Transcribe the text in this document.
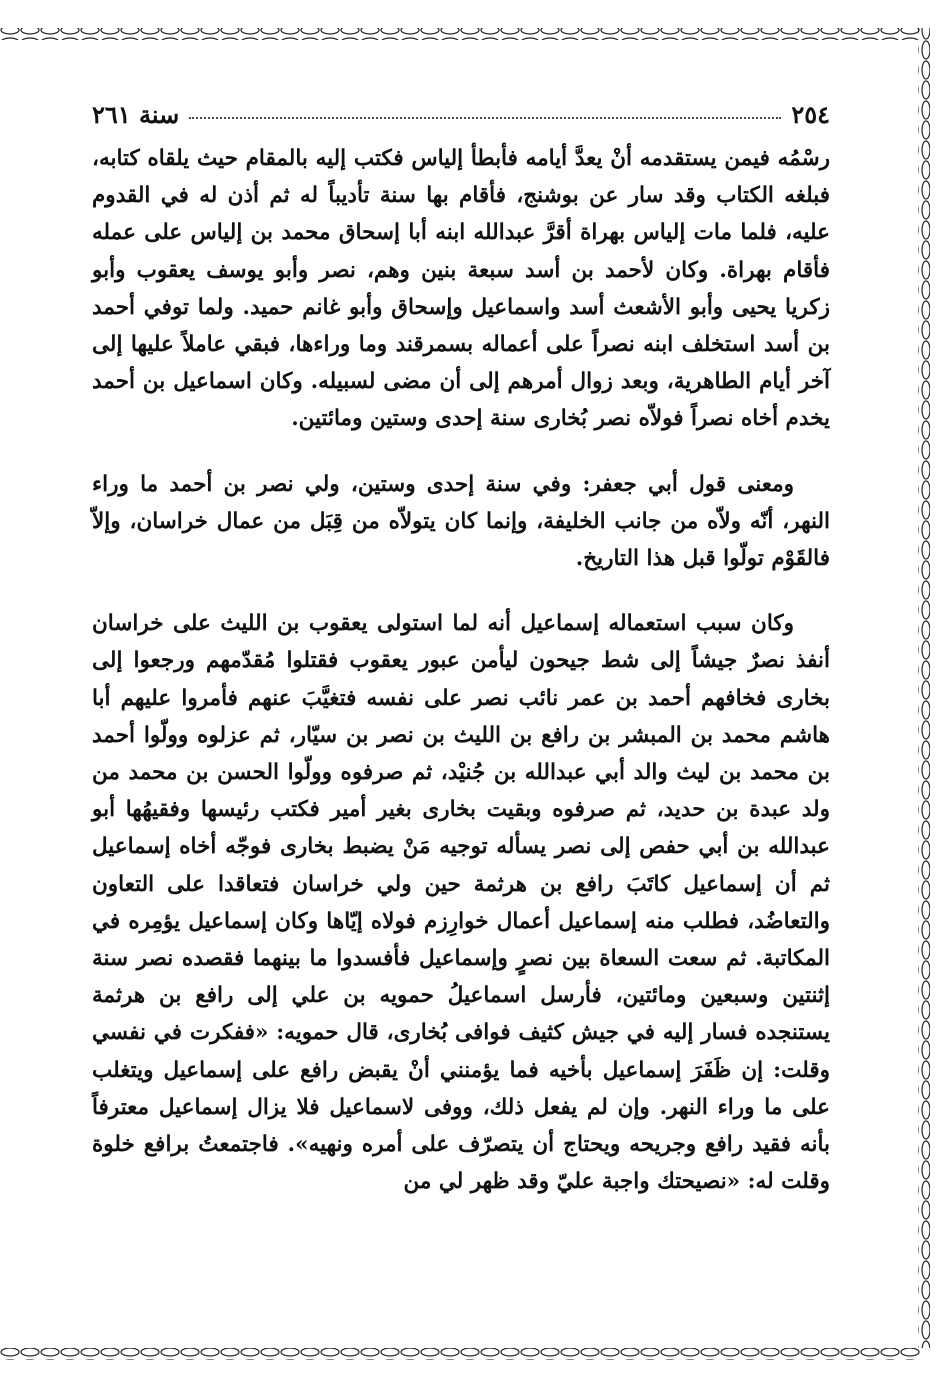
٢٥٤
سنة ٢٦١

رسْمُه فيمن يستقدمه أنْ يعدَّ أيامه فأبطأ إلياس فكتب إليه بالمقام حيث يلقاه كتابه، فبلغه الكتاب وقد سار عن بوشنج، فأقام بها سنة تأديباً له ثم أذن له في القدوم عليه، فلما مات إلياس بهراة أقرَّ عبدالله ابنه أبا إسحاق محمد بن إلياس على عمله فأقام بهراة. وكان لأحمد بن أسد سبعة بنين وهم، نصر وأبو يوسف يعقوب وأبو زكريا يحيى وأبو الأشعث أسد واسماعيل وإسحاق وأبو غانم حميد. ولما توفي أحمد بن أسد استخلف ابنه نصراً على أعماله بسمرقند وما وراءها، فبقي عاملاً عليها إلى آخر أيام الطاهرية، وبعد زوال أمرهم إلى أن مضى لسبيله. وكان اسماعيل بن أحمد يخدم أخاه نصراً فولاّه نصر بُخارى سنة إحدى وستين ومائتين.

ومعنى قول أبي جعفر: وفي سنة إحدى وستين، ولي نصر بن أحمد ما وراء النهر، أنّه ولاّه من جانب الخليفة، وإنما كان يتولاّه من قِبَل من عمال خراسان، وإلاّ فالقَوْم تولّوا قبل هذا التاريخ.

وكان سبب استعماله إسماعيل أنه لما استولى يعقوب بن الليث على خراسان أنفذ نصرٌ جيشاً إلى شط جيحون ليأمن عبور يعقوب فقتلوا مُقدّمهم ورجعوا إلى بخارى فخافهم أحمد بن عمر نائب نصر على نفسه فتغيَّبَ عنهم فأمروا عليهم أبا هاشم محمد بن المبشر بن رافع بن الليث بن نصر بن سيّار، ثم عزلوه وولّوا أحمد بن محمد بن ليث والد أبي عبدالله بن جُنيْد، ثم صرفوه وولّوا الحسن بن محمد من ولد عبدة بن حديد، ثم صرفوه وبقيت بخارى بغير أمير فكتب رئيسها وفقيهُها أبو عبدالله بن أبي حفص إلى نصر يسأله توجيه مَنْ يضبط بخارى فوجّه أخاه إسماعيل ثم أن إسماعيل كاتَبَ رافع بن هرثمة حين ولي خراسان فتعاقدا على التعاون والتعاضُد، فطلب منه إسماعيل أعمال خوارِزم فولاه إيّاها وكان إسماعيل يؤمِره في المكاتبة. ثم سعت السعاة بين نصرٍ وإسماعيل فأفسدوا ما بينهما فقصده نصر سنة إثنتين وسبعين ومائتين، فأرسل اسماعيلُ حمويه بن علي إلى رافع بن هرثمة يستنجده فسار إليه في جيش كثيف فوافى بُخارى، قال حمويه: «ففكرت في نفسي وقلت: إن ظَفَرَ إسماعيل بأخيه فما يؤمنني أنْ يقبض رافع على إسماعيل ويتغلب على ما وراء النهر. وإن لم يفعل ذلك، ووفى لاسماعيل فلا يزال إسماعيل معترفاً بأنه فقيد رافع وجريحه ويحتاج أن يتصرّف على أمره ونهيه». فاجتمعتُ برافع خلوة وقلت له: «نصيحتك واجبة عليّ وقد ظهر لي من
